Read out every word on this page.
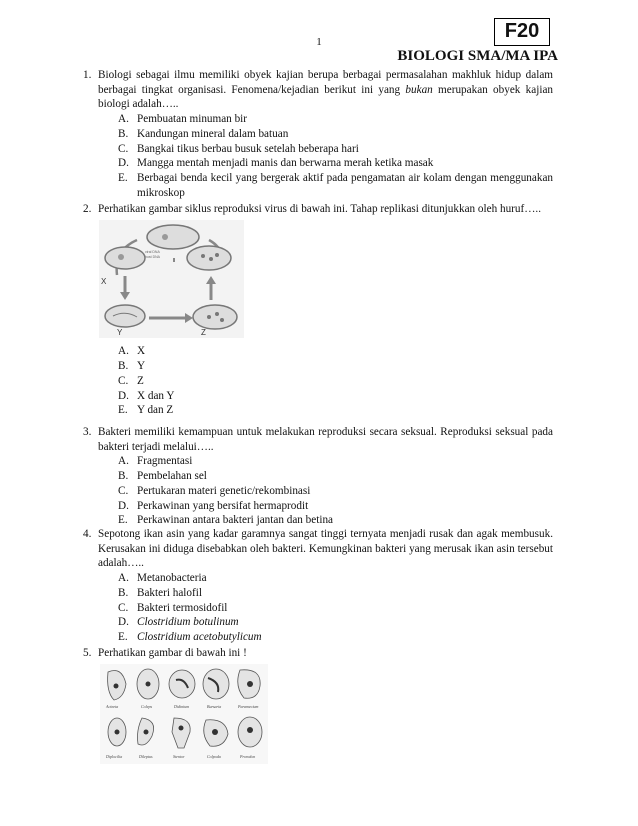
1	F20
BIOLOGI SMA/MA IPA
1. Biologi sebagai ilmu memiliki obyek kajian berupa berbagai permasalahan makhluk hidup dalam berbagai tingkat organisasi. Fenomena/kejadian berikut ini yang bukan merupakan obyek kajian biologi adalah…..
A. Pembuatan minuman bir
B. Kandungan mineral dalam batuan
C. Bangkai tikus berbau busuk setelah beberapa hari
D. Mangga mentah menjadi manis dan berwarna merah ketika masak
E. Berbagai benda kecil yang bergerak aktif pada pengamatan air kolam dengan menggunakan mikroskop
2. Perhatikan gambar siklus reproduksi virus di bawah ini. Tahap replikasi ditunjukkan oleh huruf…..
X
Y	Z
viral DNA
host DNA
A. X
B. Y
C. Z
D. X dan Y
E. Y dan Z
3. Bakteri memiliki kemampuan untuk melakukan reproduksi secara seksual. Reproduksi seksual pada bakteri terjadi melalui…..
A. Fragmentasi
B. Pembelahan sel
C. Pertukaran materi genetic/rekombinasi
D. Perkawinan yang bersifat hermaprodit
E. Perkawinan antara bakteri jantan dan betina
4. Sepotong ikan asin yang kadar garamnya sangat tinggi ternyata menjadi rusak dan agak membusuk. Kerusakan ini diduga disebabkan oleh bakteri. Kemungkinan bakteri yang merusak ikan asin tersebut adalah…..
A. Metanobacteria
B. Bakteri halofil
C. Bakteri termosidofil
D. Clostridium botulinum
E. Clostridium acetobutylicum
5. Perhatikan gambar di bawah ini !
Acineta	Coleps	Didinium	Bursaria	Paramecium
Diplocilia	Dileptus	Stentor	Colpoda	Prorodon
